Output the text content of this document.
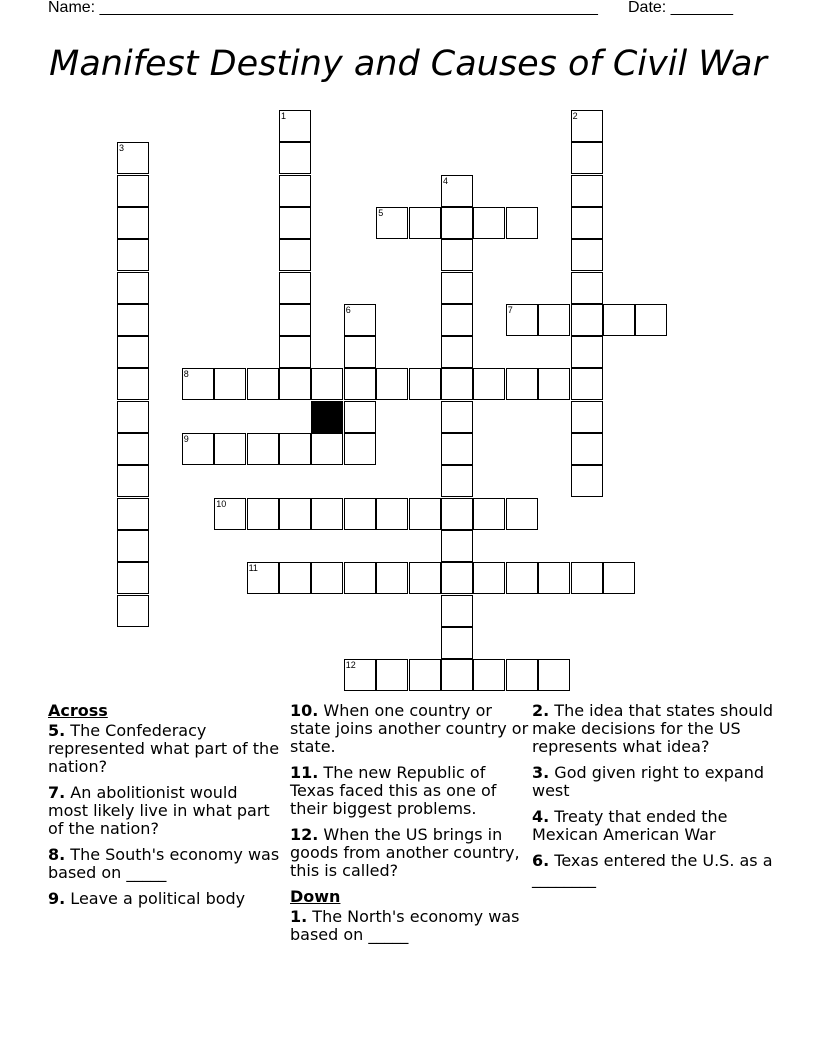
Name: ________________________________________________________ Date: _______
Manifest Destiny and Causes of Civil War
1	2
3
4
5
6	7
8
9
10
11
12
Across
5. The Confederacy represented what part of the nation?
7. An abolitionist would most likely live in what part of the nation?
8. The South's economy was based on _____
9. Leave a political body
10. When one country or state joins another country or state.
11. The new Republic of Texas faced this as one of their biggest problems.
12. When the US brings in goods from another country, this is called?
Down
1. The North's economy was based on _____
2. The idea that states should make decisions for the US represents what idea?
3. God given right to expand west
4. Treaty that ended the Mexican American War
6. Texas entered the U.S. as a ________
